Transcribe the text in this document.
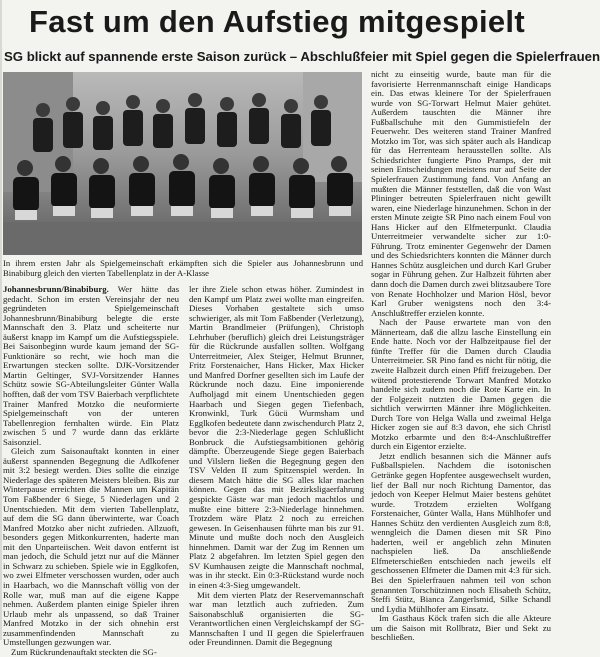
Fast um den Aufstieg mitgespielt
SG blickt auf spannende erste Saison zurück – Abschlußfeier mit Spiel gegen die Spielerfrauen
In ihrem ersten Jahr als Spielgemeinschaft erkämpften sich die Spieler aus Johannesbrunn und Binabiburg gleich den vierten Tabellenplatz in der A-Klasse

Johannesbrunn/Binabiburg. Wer hätte das gedacht. Schon im ersten Vereinsjahr der neu gegründeten Spielgemeinschaft Johannesbrunn/Binabiburg belegte die erste Mannschaft den 3. Platz und scheiterte nur äußerst knapp im Kampf um die Aufstiegsspiele. Bei Saisonbeginn wurde kaum jemand der SG-Funktionäre so recht, wie hoch man die Erwartungen stecken sollte. DJK-Vorsitzender Martin Geltinger, SVJ-Vorsitzender Hannes Schütz sowie SG-Abteilungsleiter Günter Walla hofften, daß der vom TSV Baierbach verpflichtete Trainer Manfred Motzko die neuformierte Spielgemeinschaft von der unteren Tabellenregion fernhalten würde. Ein Platz zwischen 5 und 7 wurde dann das erklärte Saisonziel.

Gleich zum Saisonauftakt konnten in einer äußerst spannenden Begegnung die Adlkofener mit 3:2 besiegt werden. Dies sollte die einzige Niederlage des späteren Meisters bleiben. Bis zur Winterpause erreichten die Mannen um Kapitän Tom Faßbender 6 Siege, 5 Niederlagen und 2 Unentschieden. Mit dem vierten Tabellenplatz, auf dem die SG dann überwinterte, war Coach Manfred Motzko aber nicht zufrieden. Allzuoft, besonders gegen Mitkonkurrenten, haderte man mit den Unparteiischen. Weit davon entfernt ist man jedoch, die Schuld jetzt nur auf die Männer in Schwarz zu schieben. Spiele wie in Egglkofen, wo zwei Elfmeter verschossen wurden, oder auch in Haarbach, wo die Mannschaft völlig von der Rolle war, muß man auf die eigene Kappe nehmen. Außerdem planten einige Spieler ihren Urlaub mehr als unpassend, so daß Trainer Manfred Motzko in der sich ohnehin erst zusammenfindenden Mannschaft zu Umstellungen gezwungen war.

Zum Rückrundenauftakt steckten die SG-

ler ihre Ziele schon etwas höher. Zumindest in den Kampf um Platz zwei wollte man eingreifen. Dieses Vorhaben gestaltete sich umso schwieriger, als mit Tom Faßbender (Verletzung), Martin Brandlmeier (Prüfungen), Christoph Lehrhuber (beruflich) gleich drei Leistungsträger für die Rückrunde ausfallen sollten. Wolfgang Unterreitmeier, Alex Steiger, Helmut Brunner, Fritz Forstenaicher, Hans Hicker, Max Hicker und Manfred Dorfner gesellten sich im Laufe der Rückrunde noch dazu. Eine imponierende Aufholjagd mit einem Unentschieden gegen Haarbach und Siegen gegen Tiefenbach, Kronwinkl, Turk Gücü Wurmsham und Egglkofen bedeutete dann zwischendurch Platz 2, bevor die 2:3-Niederlage gegen Schlußlicht Bonbruck die Aufstiegsambitionen gehörig dämpfte. Überzeugende Siege gegen Baierbach und Vilslern ließen die Begegnung gegen den TSV Velden II zum Spitzenspiel werden. In diesem Match hätte die SG alles klar machen können. Gegen das mit Bezirksligaerfahrung gespickte Gäste war man jedoch machtlos und mußte eine bittere 2:3-Niederlage hinnehmen. Trotzdem wäre Platz 2 noch zu erreichen gewesen. In Geisenhausen führte man bis zur 91. Minute und mußte doch noch den Ausgleich hinnehmen. Damit war der Zug im Rennen um Platz 2 abgefahren. Im letzten Spiel gegen den SV Kumhausen zeigte die Mannschaft nochmal, was in ihr steckt. Ein 0:3-Rückstand wurde noch in einen 4:3-Sieg umgewandelt.

Mit dem vierten Platz der Reservemannschaft war man letztlich auch zufrieden. Zum Saisonabschluß organisierten die SG-Verantwortlichen einen Vergleichskampf der SG-Mannschaften I und II gegen die Spielerfrauen oder Freundinnen. Damit die Begegnung

nicht zu einseitig wurde, baute man für die favorisierte Herrenmannschaft einige Handicaps ein. Das etwas kleinere Tor der Spielerfrauen wurde von SG-Torwart Helmut Maier gehütet. Außerdem tauschten die Männer ihre Fußballschuhe mit den Gummistiefeln der Feuerwehr. Des weiteren stand Trainer Manfred Motzko im Tor, was sich später auch als Handicap für das Herrenteam herausstellen sollte. Als Schiedsrichter fungierte Pino Pramps, der mit seinen Entscheidungen meistens nur auf Seite der Spielerfrauen Zustimmung fand. Von Anfang an mußten die Männer feststellen, daß die von Wast Plininger betreuten Spielerfrauen nicht gewillt waren, eine Niederlage hinzunehmen. Schon in der ersten Minute zeigte SR Pino nach einem Foul von Hans Hicker auf den Elfmeterpunkt. Claudia Unterreitmeier verwandelte sicher zur 1:0-Führung. Trotz eminenter Gegenwehr der Damen und des Schiedsrichters konnten die Männer durch Hannes Schütz ausgleichen und durch Karl Gruber sogar in Führung gehen. Zur Halbzeit führten aber dann doch die Damen durch zwei blitzsaubere Tore von Renate Hochholzer und Marion Hösl, bevor Karl Gruber wenigstens noch den 3:4-Anschlußtreffer erzielen konnte.

Nach der Pause erwartete man von den Männerteam, daß die allzu lasche Einstellung ein Ende hatte. Noch vor der Halbzeitpause fiel der fünfte Treffer für die Damen durch Claudia Unterreitmeier. SR Pino fand es nicht für nötig, die zweite Halbzeit durch einen Pfiff freizugeben. Der wütend protestierende Torwart Manfred Motzko handelte sich zudem noch die Rote Karte ein. In der Folgezeit nutzten die Damen gegen die sichtlich verwirrten Männer ihre Möglichkeiten. Durch Tore von Helga Walla und zweimal Helga Hicker zogen sie auf 8:3 davon, ehe sich Christl Motzko erbarmte und den 8:4-Anschlußtreffer durch ein Eigentor erzielte.

Jetzt endlich besannen sich die Männer aufs Fußballspielen. Nachdem die isotonischen Getränke gegen Hopfentee ausgewechselt wurden, lief der Ball nur noch Richtung Damentor, das jedoch von Keeper Helmut Maier bestens gehütet wurde. Trotzdem erzielten Wolfgang Forstenaicher, Günter Walla, Hans Mühlhofer und Hannes Schütz den verdienten Ausgleich zum 8:8, wenngleich die Damen diesen mit SR Pino haderten, weil er angeblich zehn Minuten nachspielen ließ. Da anschließende Elfmeterschießen entschieden nach jeweils elf geschossenen Elfmeter die Damen mit 4:3 für sich. Bei den Spielerfrauen nahmen teil von schon genannten Torschützinnen noch Elisabeth Schütz, Steffi Stütz, Bianca Zangerlsmid, Silke Schandl und Lydia Mühlhofer am Einsatz.

Im Gasthaus Köck trafen sich die alle Akteure um die Saison mit Rollbratz, Bier und Sekt zu beschließen.
